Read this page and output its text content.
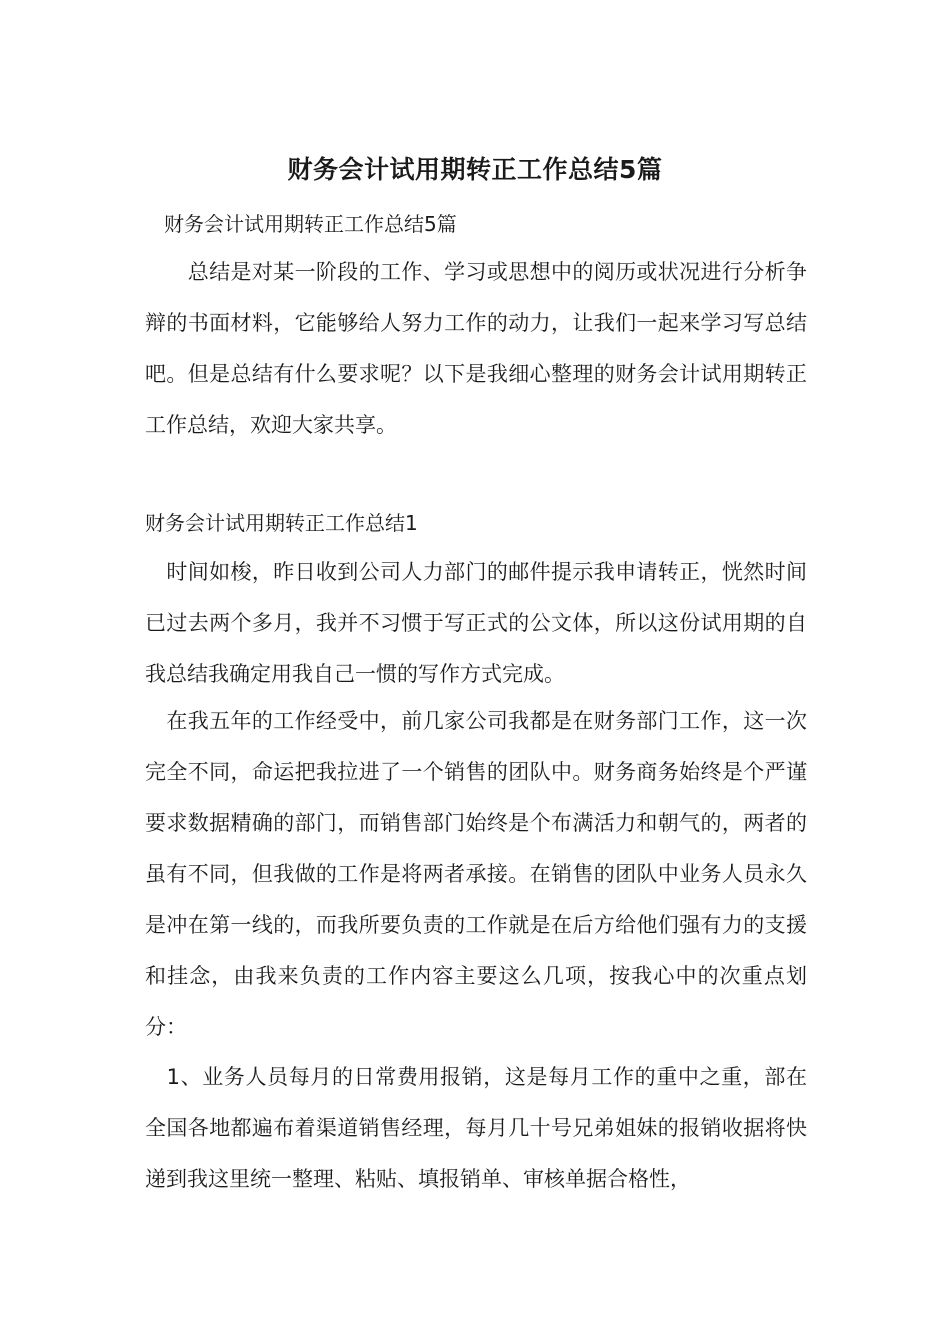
财务会计试用期转正工作总结5篇
财务会计试用期转正工作总结5篇

　　总结是对某一阶段的工作、学习或思想中的阅历或状况进行分析争辩的书面材料，它能够给人努力工作的动力，让我们一起来学习写总结吧。但是总结有什么要求呢？以下是我细心整理的财务会计试用期转正工作总结，欢迎大家共享。

财务会计试用期转正工作总结1

　时间如梭，昨日收到公司人力部门的邮件提示我申请转正，恍然时间已过去两个多月，我并不习惯于写正式的公文体，所以这份试用期的自我总结我确定用我自己一惯的写作方式完成。

　在我五年的工作经受中，前几家公司我都是在财务部门工作，这一次完全不同，命运把我拉进了一个销售的团队中。财务商务始终是个严谨要求数据精确的部门，而销售部门始终是个布满活力和朝气的，两者的虽有不同，但我做的工作是将两者承接。在销售的团队中业务人员永久是冲在第一线的，而我所要负责的工作就是在后方给他们强有力的支援和挂念，由我来负责的工作内容主要这么几项，按我心中的次重点划分：

　1、业务人员每月的日常费用报销，这是每月工作的重中之重，部在全国各地都遍布着渠道销售经理，每月几十号兄弟姐妹的报销收据将快递到我这里统一整理、粘贴、填报销单、审核单据合格性，
